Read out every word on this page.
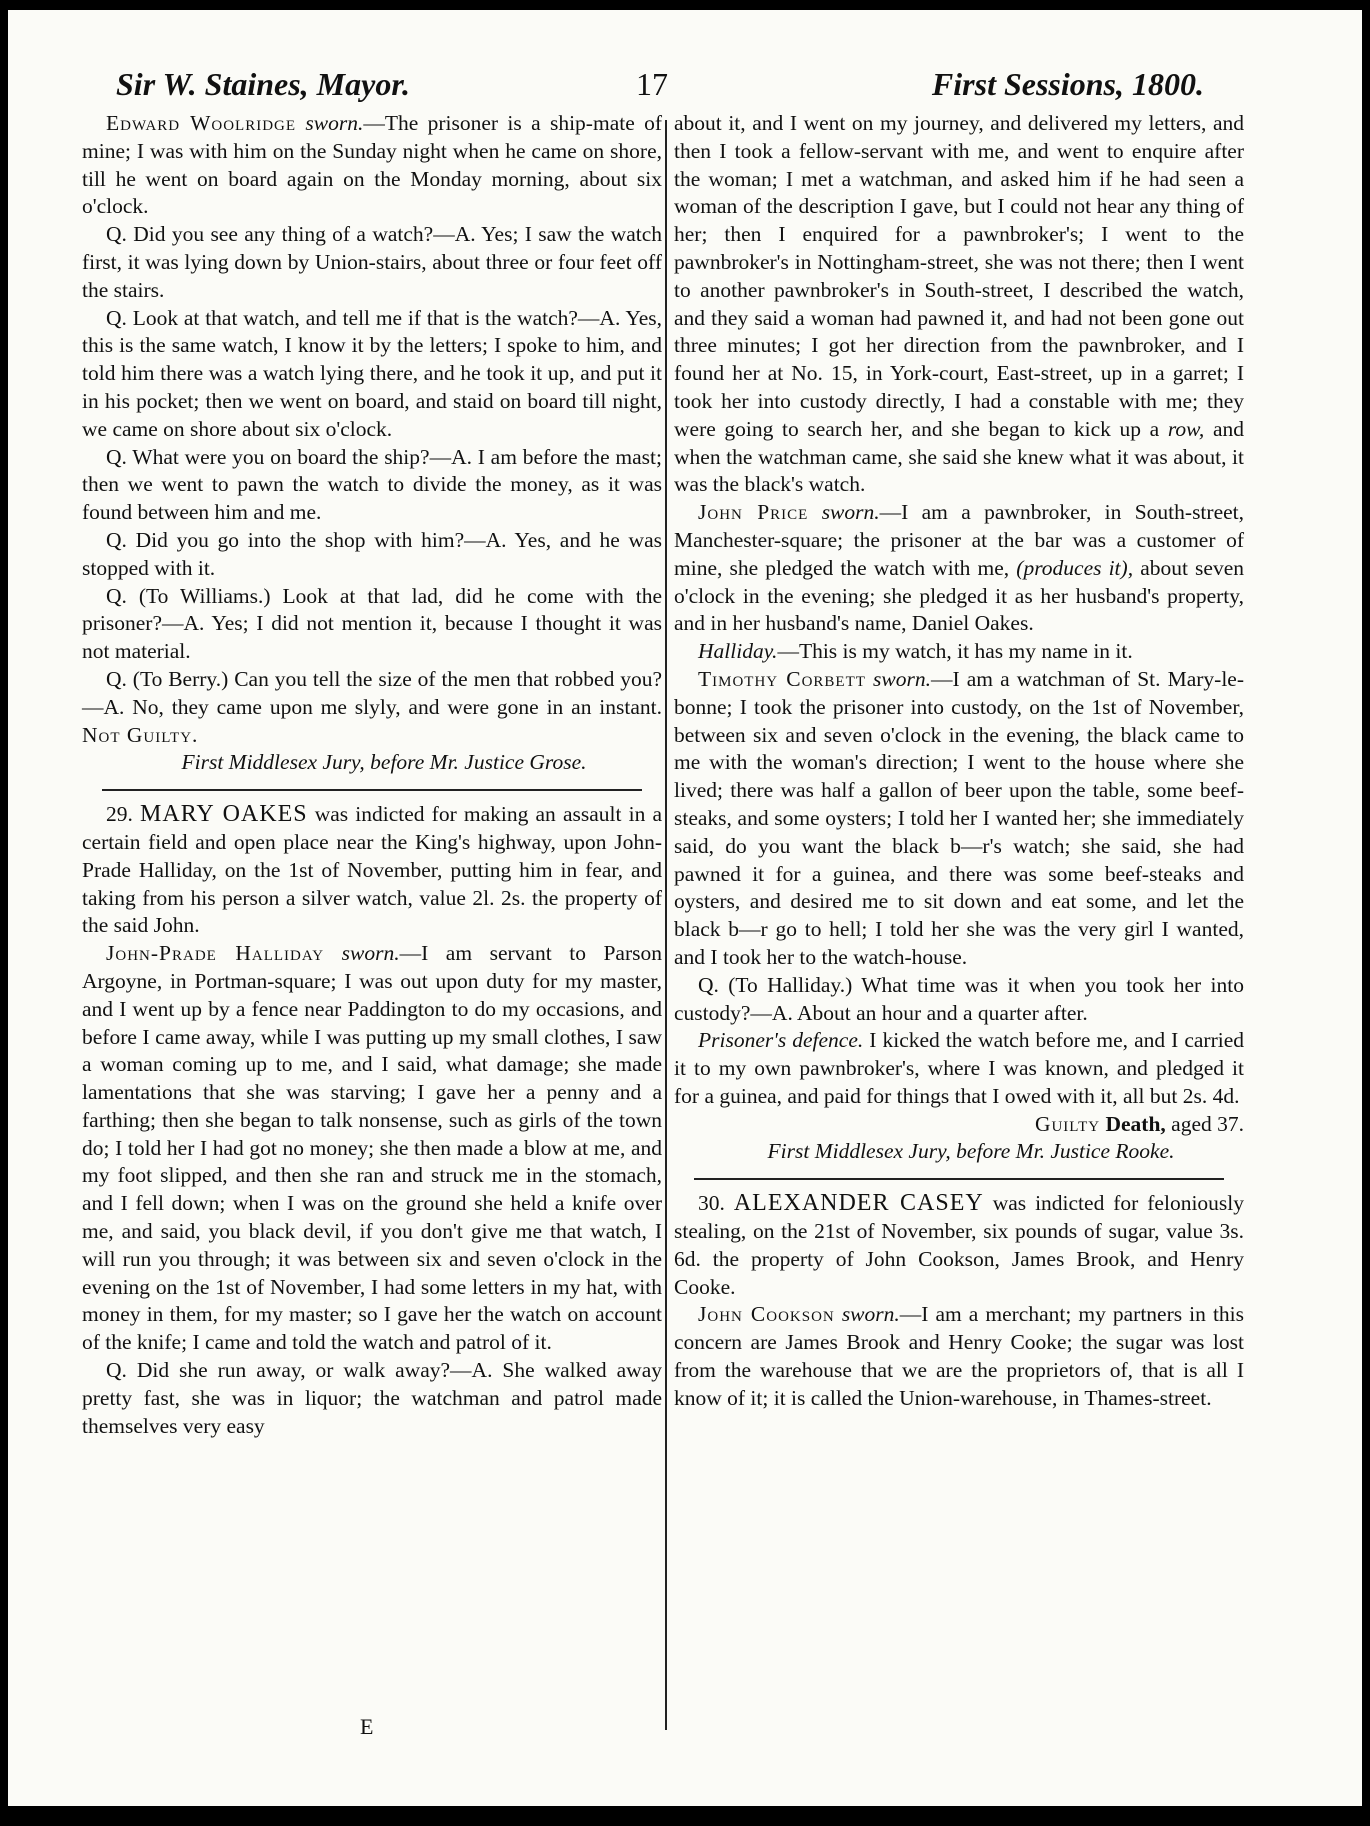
Sir W. Staines, Mayor.	17	First Sessions, 1800.

Edward Woolridge sworn.—The prisoner is a ship-mate of mine; I was with him on the Sunday night when he came on shore, till he went on board again on the Monday morning, about six o'clock.

Q. Did you see any thing of a watch?—A. Yes; I saw the watch first, it was lying down by Union-stairs, about three or four feet off the stairs.

Q. Look at that watch, and tell me if that is the watch?—A. Yes, this is the same watch, I know it by the letters; I spoke to him, and told him there was a watch lying there, and he took it up, and put it in his pocket; then we went on board, and staid on board till night, we came on shore about six o'clock.

Q. What were you on board the ship?—A. I am before the mast; then we went to pawn the watch to divide the money, as it was found between him and me.

Q. Did you go into the shop with him?—A. Yes, and he was stopped with it.

Q. (To Williams.) Look at that lad, did he come with the prisoner?—A. Yes; I did not mention it, because I thought it was not material.

Q. (To Berry.) Can you tell the size of the men that robbed you?—A. No, they came upon me slyly, and were gone in an instant. Not Guilty.

First Middlesex Jury, before Mr. Justice Grose.

29. MARY OAKES was indicted for making an assault in a certain field and open place near the King's highway, upon John-Prade Halliday, on the 1st of November, putting him in fear, and taking from his person a silver watch, value 2l. 2s. the property of the said John.

John-Prade Halliday sworn.—I am servant to Parson Argoyne, in Portman-square; I was out upon duty for my master, and I went up by a fence near Paddington to do my occasions, and before I came away, while I was putting up my small clothes, I saw a woman coming up to me, and I said, what damage; she made lamentations that she was starving; I gave her a penny and a farthing; then she began to talk nonsense, such as girls of the town do; I told her I had got no money; she then made a blow at me, and my foot slipped, and then she ran and struck me in the stomach, and I fell down; when I was on the ground she held a knife over me, and said, you black devil, if you don't give me that watch, I will run you through; it was between six and seven o'clock in the evening on the 1st of November, I had some letters in my hat, with money in them, for my master; so I gave her the watch on account of the knife; I came and told the watch and patrol of it.

Q. Did she run away, or walk away?—A. She walked away pretty fast, she was in liquor; the watchman and patrol made themselves very easy

E

about it, and I went on my journey, and delivered my letters, and then I took a fellow-servant with me, and went to enquire after the woman; I met a watchman, and asked him if he had seen a woman of the description I gave, but I could not hear any thing of her; then I enquired for a pawnbroker's; I went to the pawnbroker's in Nottingham-street, she was not there; then I went to another pawnbroker's in South-street, I described the watch, and they said a woman had pawned it, and had not been gone out three minutes; I got her direction from the pawnbroker, and I found her at No. 15, in York-court, East-street, up in a garret; I took her into custody directly, I had a constable with me; they were going to search her, and she began to kick up a row, and when the watchman came, she said she knew what it was about, it was the black's watch.

John Price sworn.—I am a pawnbroker, in South-street, Manchester-square; the prisoner at the bar was a customer of mine, she pledged the watch with me, (produces it), about seven o'clock in the evening; she pledged it as her husband's property, and in her husband's name, Daniel Oakes.

Halliday.—This is my watch, it has my name in it.

Timothy Corbett sworn.—I am a watchman of St. Mary-le-bonne; I took the prisoner into custody, on the 1st of November, between six and seven o'clock in the evening, the black came to me with the woman's direction; I went to the house where she lived; there was half a gallon of beer upon the table, some beef-steaks, and some oysters; I told her I wanted her; she immediately said, do you want the black b—r's watch; she said, she had pawned it for a guinea, and there was some beef-steaks and oysters, and desired me to sit down and eat some, and let the black b—r go to hell; I told her she was the very girl I wanted, and I took her to the watch-house.

Q. (To Halliday.) What time was it when you took her into custody?—A. About an hour and a quarter after.

Prisoner's defence. I kicked the watch before me, and I carried it to my own pawnbroker's, where I was known, and pledged it for a guinea, and paid for things that I owed with it, all but 2s. 4d.

Guilty Death, aged 37.

First Middlesex Jury, before Mr. Justice Rooke.

30. ALEXANDER CASEY was indicted for feloniously stealing, on the 21st of November, six pounds of sugar, value 3s. 6d. the property of John Cookson, James Brook, and Henry Cooke.

John Cookson sworn.—I am a merchant; my partners in this concern are James Brook and Henry Cooke; the sugar was lost from the warehouse that we are the proprietors of, that is all I know of it; it is called the Union-warehouse, in Thames-street.
